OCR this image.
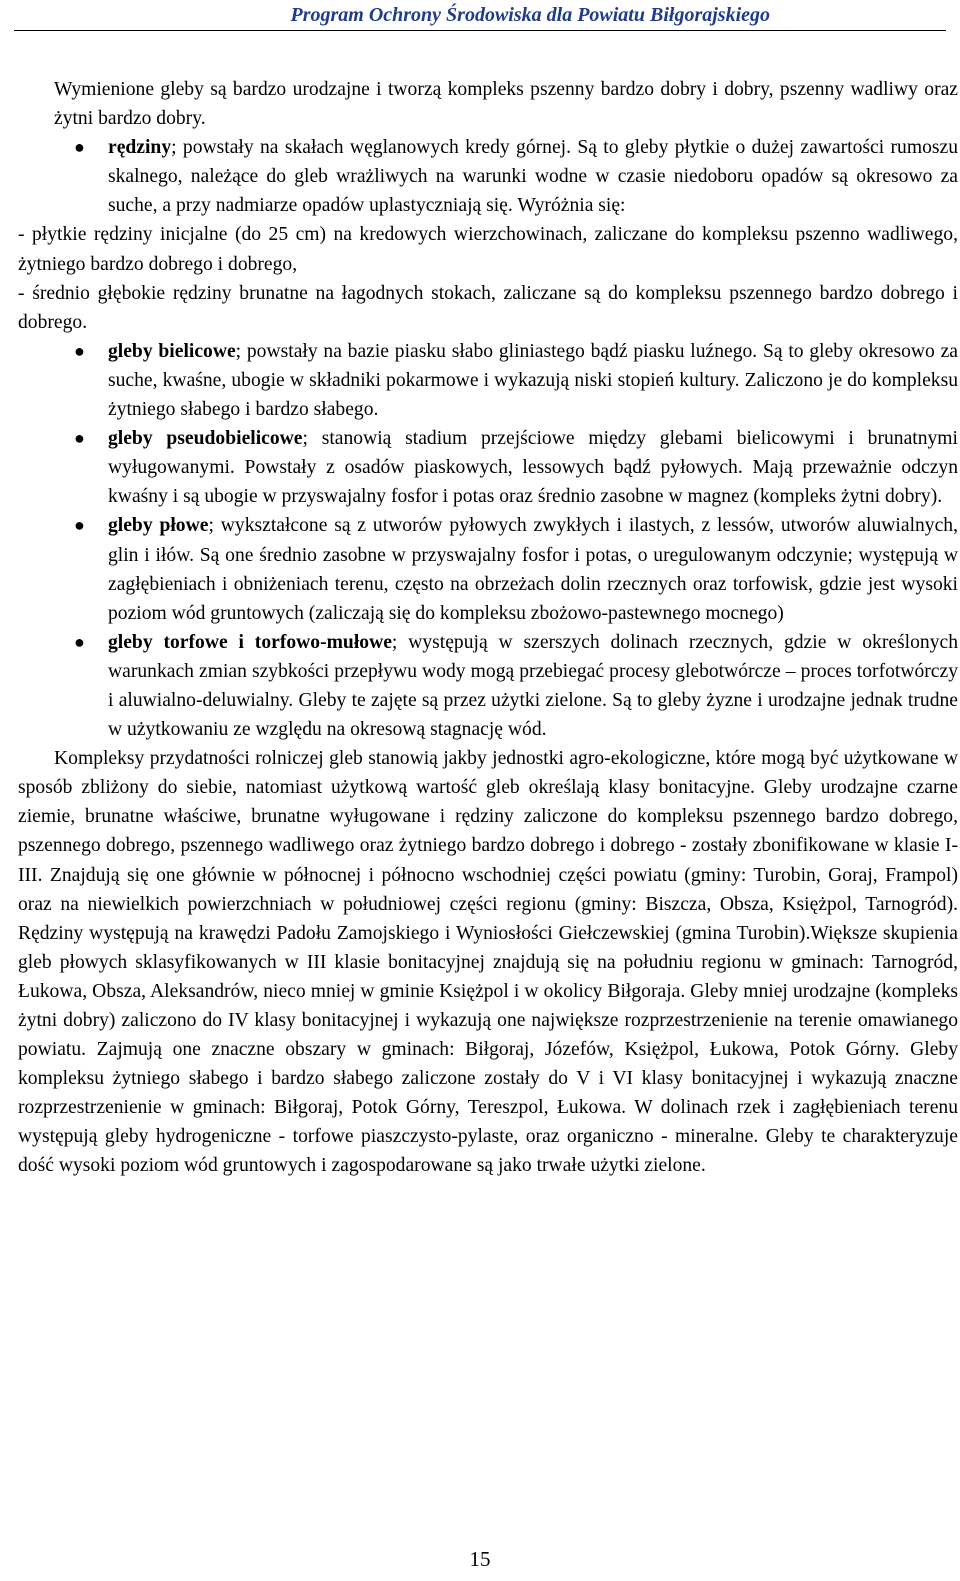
Program Ochrony Środowiska dla Powiatu Biłgorajskiego

Wymienione gleby są bardzo urodzajne i tworzą kompleks pszenny bardzo dobry i dobry, pszenny wadliwy oraz żytni bardzo dobry.

●	rędziny; powstały na skałach węglanowych kredy górnej. Są to gleby płytkie o dużej zawartości rumoszu skalnego, należące do gleb wrażliwych na warunki wodne w czasie niedoboru opadów są okresowo za suche, a przy nadmiarze opadów uplastyczniają się. Wyróżnia się:

- płytkie rędziny inicjalne (do 25 cm) na kredowych wierzchowinach, zaliczane do kompleksu pszenno wadliwego, żytniego bardzo dobrego i dobrego,

- średnio głębokie rędziny brunatne na łagodnych stokach, zaliczane są do kompleksu pszennego bardzo dobrego i dobrego.

●	gleby bielicowe; powstały na bazie piasku słabo gliniastego bądź piasku luźnego. Są to gleby okresowo za suche, kwaśne, ubogie w składniki pokarmowe i wykazują niski stopień kultury. Zaliczono je do kompleksu żytniego słabego i bardzo słabego.
●	gleby pseudobielicowe; stanowią stadium przejściowe między glebami bielicowymi i brunatnymi wyługowanymi. Powstały z osadów piaskowych, lessowych bądź pyłowych. Mają przeważnie odczyn kwaśny i są ubogie w przyswajalny fosfor i potas oraz średnio zasobne w magnez (kompleks żytni dobry).
●	gleby płowe; wykształcone są z utworów pyłowych zwykłych i ilastych, z lessów, utworów aluwialnych, glin i iłów. Są one średnio zasobne w przyswajalny fosfor i potas, o uregulowanym odczynie; występują w zagłębieniach i obniżeniach terenu, często na obrzeżach dolin rzecznych oraz torfowisk, gdzie jest wysoki poziom wód gruntowych (zaliczają się do kompleksu zbożowo-pastewnego mocnego)
●	gleby torfowe i torfowo-mułowe; występują w szerszych dolinach rzecznych, gdzie w określonych warunkach zmian szybkości przepływu wody mogą przebiegać procesy glebotwórcze – proces torfotwórczy i aluwialno-deluwialny. Gleby te zajęte są przez użytki zielone. Są to gleby żyzne i urodzajne jednak trudne w użytkowaniu ze względu na okresową stagnację wód.

Kompleksy przydatności rolniczej gleb stanowią jakby jednostki agro-ekologiczne, które mogą być użytkowane w sposób zbliżony do siebie, natomiast użytkową wartość gleb określają klasy bonitacyjne. Gleby urodzajne czarne ziemie, brunatne właściwe, brunatne wyługowane i rędziny zaliczone do kompleksu pszennego bardzo dobrego, pszennego dobrego, pszennego wadliwego oraz żytniego bardzo dobrego i dobrego - zostały zbonifikowane w klasie I-III. Znajdują się one głównie w północnej i północno wschodniej części powiatu (gminy: Turobin, Goraj, Frampol) oraz na niewielkich powierzchniach w południowej części regionu (gminy: Biszcza, Obsza, Księżpol, Tarnogród). Rędziny występują na krawędzi Padołu Zamojskiego i Wyniosłości Giełczewskiej (gmina Turobin).Większe skupienia gleb płowych sklasyfikowanych w III klasie bonitacyjnej znajdują się na południu regionu w gminach: Tarnogród, Łukowa, Obsza, Aleksandrów, nieco mniej w gminie Księżpol i w okolicy Biłgoraja. Gleby mniej urodzajne (kompleks żytni dobry) zaliczono do IV klasy bonitacyjnej i wykazują one największe rozprzestrzenienie na terenie omawianego powiatu. Zajmują one znaczne obszary w gminach: Biłgoraj, Józefów, Księżpol, Łukowa, Potok Górny. Gleby kompleksu żytniego słabego i bardzo słabego zaliczone zostały do V i VI klasy bonitacyjnej i wykazują znaczne rozprzestrzenienie w gminach: Biłgoraj, Potok Górny, Tereszpol, Łukowa. W dolinach rzek i zagłębieniach terenu występują gleby hydrogeniczne - torfowe piaszczysto-pylaste, oraz organiczno - mineralne. Gleby te charakteryzuje dość wysoki poziom wód gruntowych i zagospodarowane są jako trwałe użytki zielone.

15
